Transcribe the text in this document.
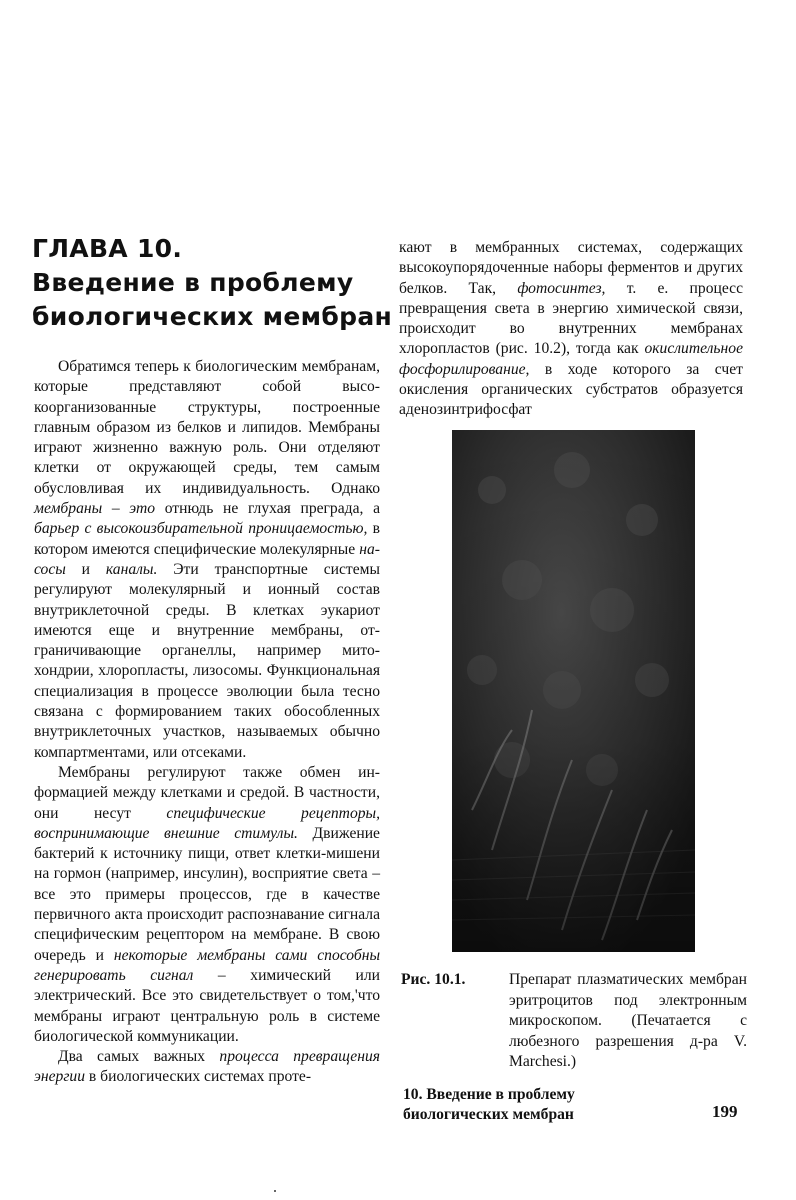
ГЛАВА 10.
Введение в проблему
биологических мембран

Обратимся теперь к биологическим мембранам, которые представляют собой высокоорганизованные структуры, построенные главным образом из белков и липидов. Мембраны играют жизненно важную роль. Они отделяют клетки от окружающей среды, тем самым обусловливая их индивидуальность. Однако мембраны – это отнюдь не глухая преграда, а барьер с высокоизбирательной проницаемостью, в котором имеются специфические молекулярные насосы и каналы. Эти транспортные системы регулируют молекулярный и ионный состав внутриклеточной среды. В клетках эукариот имеются еще и внутренние мембраны, отграничивающие органеллы, например митохондрии, хлоропласты, лизосомы. Функциональная специализация в процессе эволюции была тесно связана с формированием таких обособленных внутриклеточных участков, называемых обычно компартментами, или отсеками.

Мембраны регулируют также обмен информацией между клетками и средой. В частности, они несут специфические рецепторы, воспринимающие внешние стимулы. Движение бактерий к источнику пищи, ответ клетки-мишени на гормон (например, инсулин), восприятие света – все это примеры процессов, где в качестве первичного акта происходит распознавание сигнала специфическим рецептором на мембране. В свою очередь и некоторые мембраны сами способны генерировать сигнал – химический или электрический. Все это свидетельствует о том,'что мембраны играют центральную роль в системе биологической коммуникации.

Два самых важных процесса превращения энергии в биологических системах проте-

кают в мембранных системах, содержащих высокоупорядоченные наборы ферментов и других белков. Так, фотосинтез, т. е. процесс превращения света в энергию химической связи, происходит во внутренних мембранах хлоропластов (рис. 10.2), тогда как окислительное фосфорилирование, в ходе которого за счет окисления органических субстратов образуется аденозинтрифосфат

Рис. 10.1.	Препарат плазматических мембран эритроцитов под электронным микроскопом. (Печатается с любезного разрешения д-ра V. Marchesi.)
10. Введение в проблему
биологических мембран	199
